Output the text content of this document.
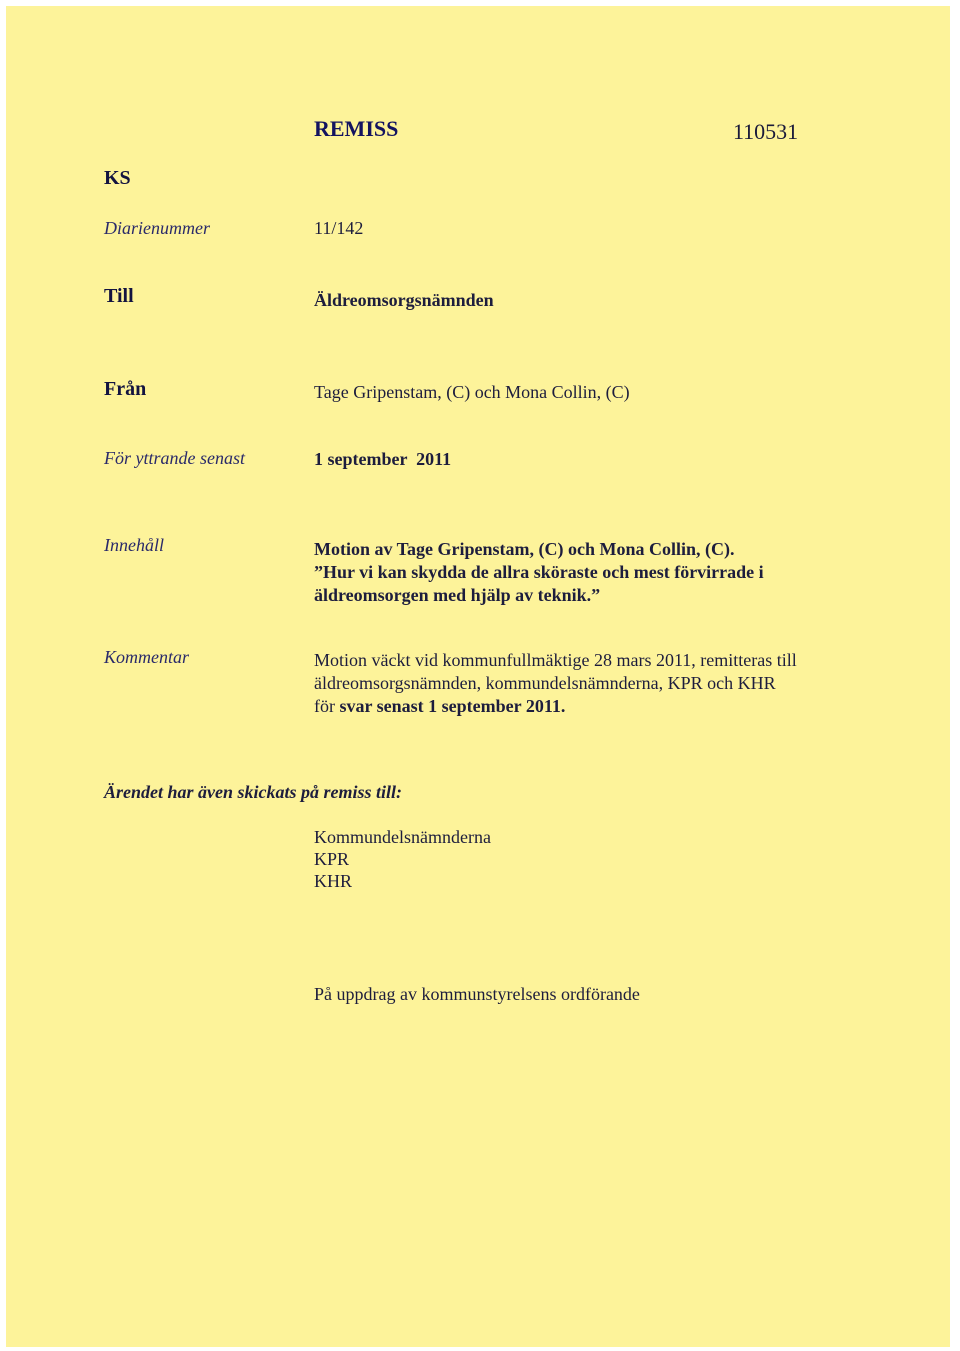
REMISS	110531
KS
Diarienummer	11/142
Till	Äldreomsorgsnämnden
Från	Tage Gripenstam, (C) och Mona Collin, (C)
För yttrande senast	1 september  2011
Innehåll	Motion av Tage Gripenstam, (C) och Mona Collin, (C).
”Hur vi kan skydda de allra sköraste och mest förvirrade i
äldreomsorgen med hjälp av teknik.”
Kommentar	Motion väckt vid kommunfullmäktige 28 mars 2011, remitteras till
äldreomsorgsnämnden, kommundelsnämnderna, KPR och KHR
för svar senast 1 september 2011.
Ärendet har även skickats på remiss till:
Kommundelsnämnderna
KPR
KHR
På uppdrag av kommunstyrelsens ordförande
